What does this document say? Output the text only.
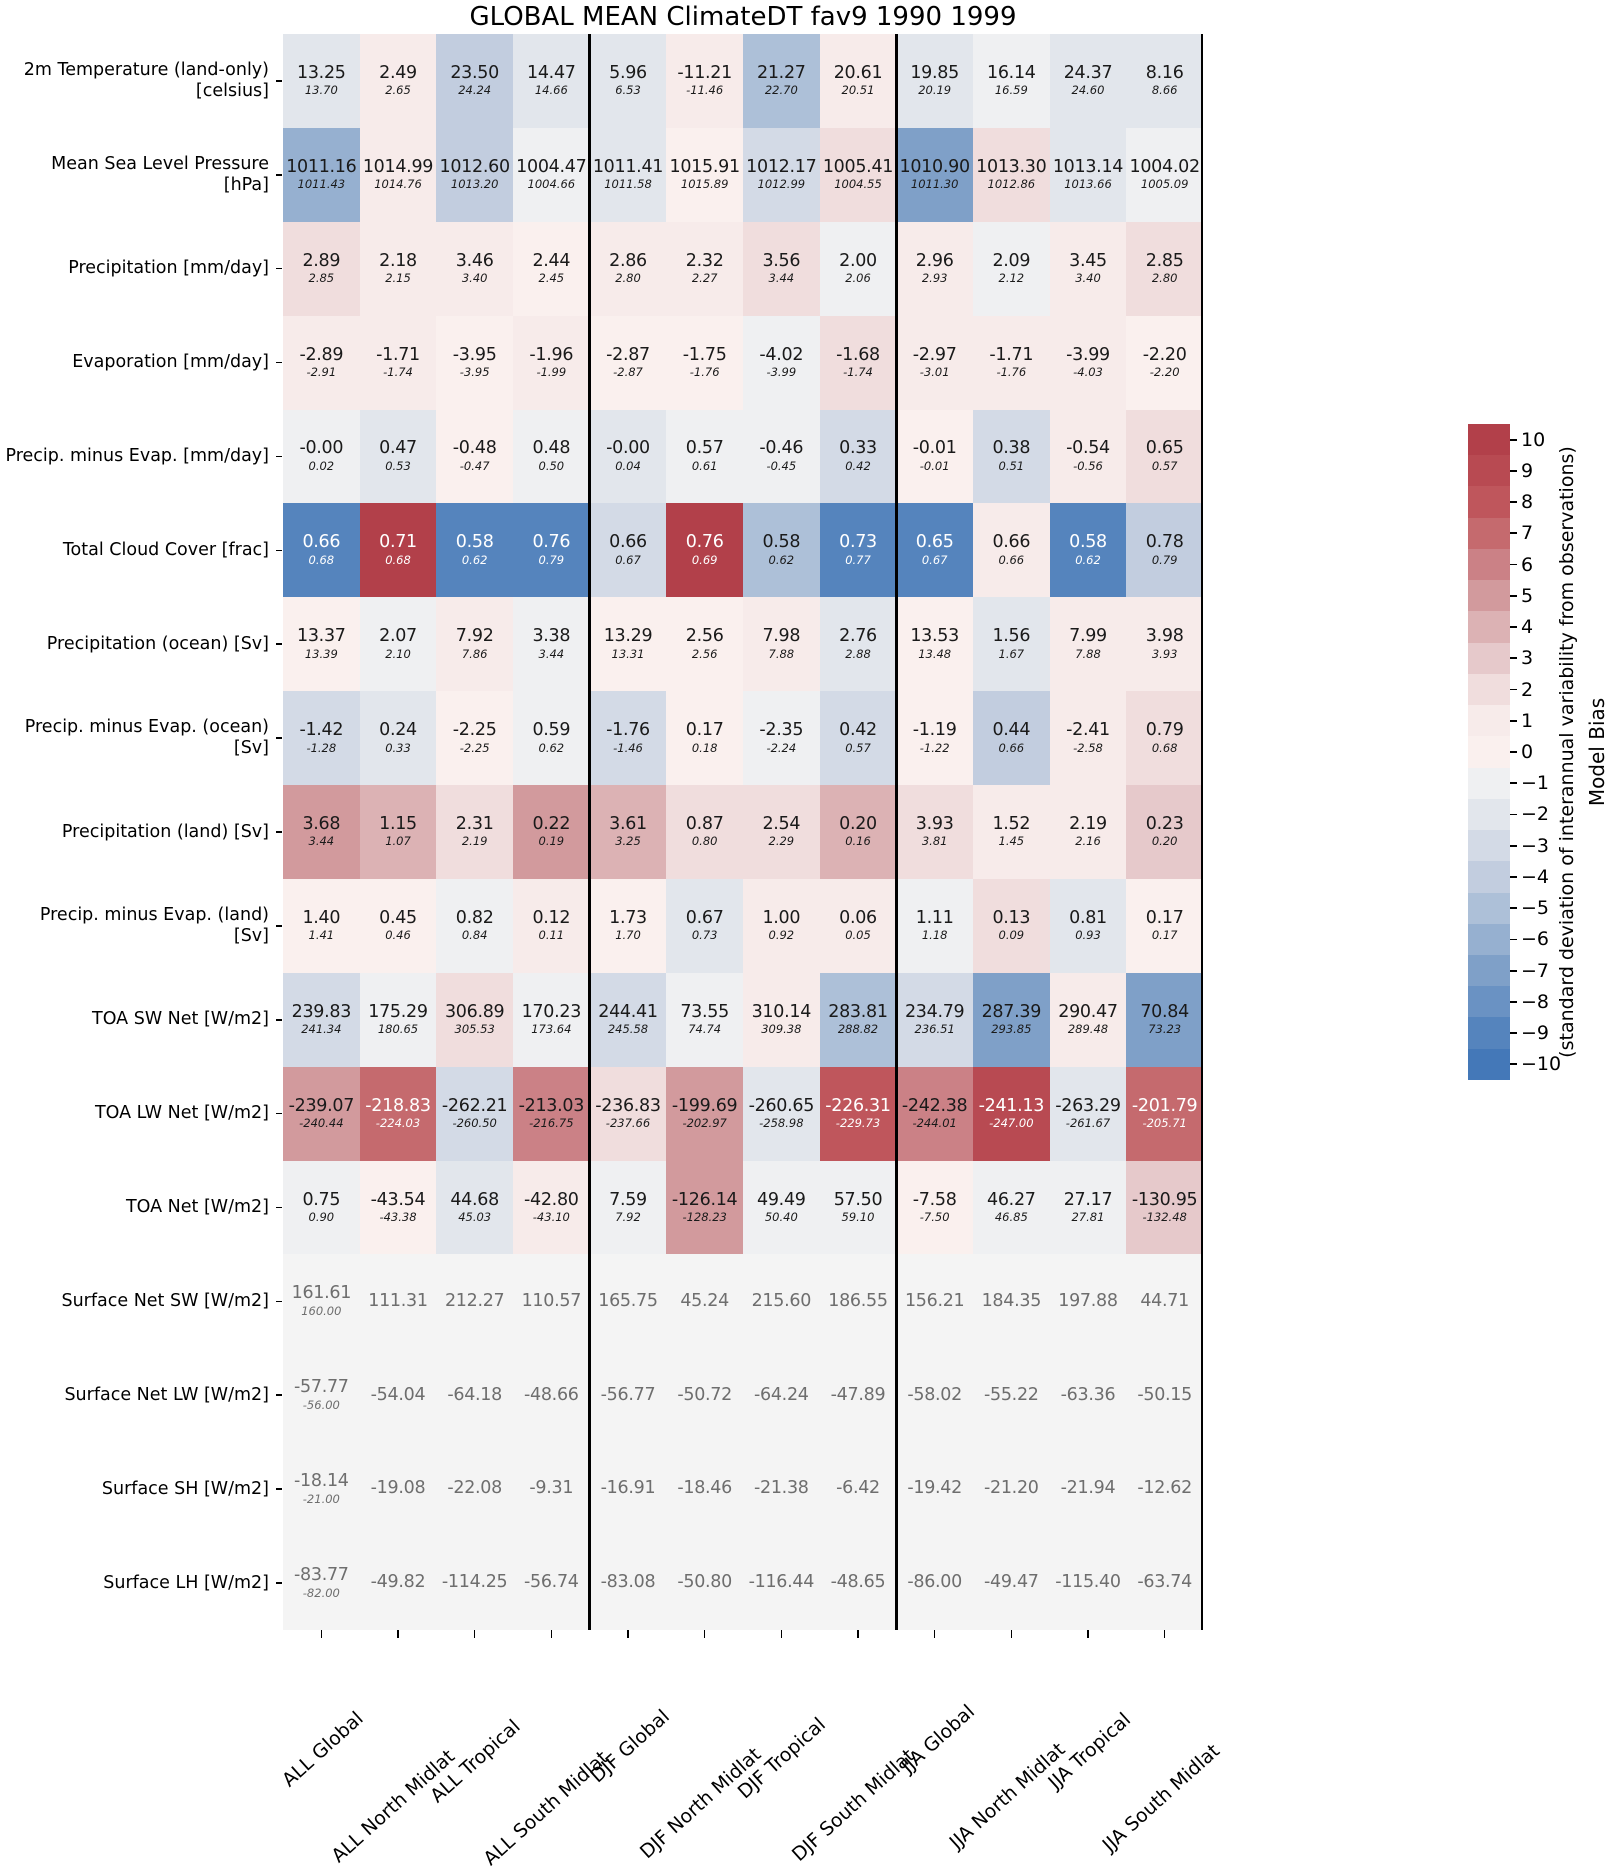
GLOBAL MEAN ClimateDT fav9 1990 1999
2m Temperature (land-only)
[celsius]
Mean Sea Level Pressure
[hPa]
Precipitation [mm/day]
Evaporation [mm/day]
Precip. minus Evap. [mm/day]
Total Cloud Cover [frac]
Precipitation (ocean) [Sv]
Precip. minus Evap. (ocean)
[Sv]
Precipitation (land) [Sv]
Precip. minus Evap. (land)
[Sv]
TOA SW Net [W/m2]
TOA LW Net [W/m2]
TOA Net [W/m2]
Surface Net SW [W/m2]
Surface Net LW [W/m2]
Surface SH [W/m2]
Surface LH [W/m2]
13.25
13.70
2.49
2.65
23.50
24.24
14.47
14.66
5.96
6.53
-11.21
-11.46
21.27
22.70
20.61
20.51
19.85
20.19
16.14
16.59
24.37
24.60
8.16
8.66
1011.16
1011.43
1014.99
1014.76
1012.60
1013.20
1004.47
1004.66
1011.41
1011.58
1015.91
1015.89
1012.17
1012.99
1005.41
1004.55
1010.90
1011.30
1013.30
1012.86
1013.14
1013.66
1004.02
1005.09
2.89
2.85
2.18
2.15
3.46
3.40
2.44
2.45
2.86
2.80
2.32
2.27
3.56
3.44
2.00
2.06
2.96
2.93
2.09
2.12
3.45
3.40
2.85
2.80
-2.89
-2.91
-1.71
-1.74
-3.95
-3.95
-1.96
-1.99
-2.87
-2.87
-1.75
-1.76
-4.02
-3.99
-1.68
-1.74
-2.97
-3.01
-1.71
-1.76
-3.99
-4.03
-2.20
-2.20
-0.00
0.02
0.47
0.53
-0.48
-0.47
0.48
0.50
-0.00
0.04
0.57
0.61
-0.46
-0.45
0.33
0.42
-0.01
-0.01
0.38
0.51
-0.54
-0.56
0.65
0.57
0.66
0.68
0.71
0.68
0.58
0.62
0.76
0.79
0.66
0.67
0.76
0.69
0.58
0.62
0.73
0.77
0.65
0.67
0.66
0.66
0.58
0.62
0.78
0.79
13.37
13.39
2.07
2.10
7.92
7.86
3.38
3.44
13.29
13.31
2.56
2.56
7.98
7.88
2.76
2.88
13.53
13.48
1.56
1.67
7.99
7.88
3.98
3.93
-1.42
-1.28
0.24
0.33
-2.25
-2.25
0.59
0.62
-1.76
-1.46
0.17
0.18
-2.35
-2.24
0.42
0.57
-1.19
-1.22
0.44
0.66
-2.41
-2.58
0.79
0.68
3.68
3.44
1.15
1.07
2.31
2.19
0.22
0.19
3.61
3.25
0.87
0.80
2.54
2.29
0.20
0.16
3.93
3.81
1.52
1.45
2.19
2.16
0.23
0.20
1.40
1.41
0.45
0.46
0.82
0.84
0.12
0.11
1.73
1.70
0.67
0.73
1.00
0.92
0.06
0.05
1.11
1.18
0.13
0.09
0.81
0.93
0.17
0.17
239.83
241.34
175.29
180.65
306.89
305.53
170.23
173.64
244.41
245.58
73.55
74.74
310.14
309.38
283.81
288.82
234.79
236.51
287.39
293.85
290.47
289.48
70.84
73.23
-239.07
-240.44
-218.83
-224.03
-262.21
-260.50
-213.03
-216.75
-236.83
-237.66
-199.69
-202.97
-260.65
-258.98
-226.31
-229.73
-242.38
-244.01
-241.13
-247.00
-263.29
-261.67
-201.79
-205.71
0.75
0.90
-43.54
-43.38
44.68
45.03
-42.80
-43.10
7.59
7.92
-126.14
-128.23
49.49
50.40
57.50
59.10
-7.58
-7.50
46.27
46.85
27.17
27.81
-130.95
-132.48
161.61
160.00
111.31 212.27 110.57 165.75 45.24 215.60 186.55 156.21 184.35 197.88 44.71
-57.77
-56.00
-54.04 -64.18 -48.66 -56.77 -50.72 -64.24 -47.89 -58.02 -55.22 -63.36 -50.15
-18.14
-21.00
-19.08 -22.08 -9.31 -16.91 -18.46 -21.38 -6.42 -19.42 -21.20 -21.94 -12.62
-83.77
-82.00
-49.82 -114.25 -56.74 -83.08 -50.80 -116.44 -48.65 -86.00 -49.47 -115.40 -63.74
ALL Global
ALL North Midlat
ALL Tropical
ALL South Midlat
DJF Global
DJF North Midlat
DJF Tropical
DJF South Midlat
JJA Global
JJA North Midlat
JJA Tropical
JJA South Midlat
10
9
8
7
6
5
4
3
2
1
0
−1
−2
−3
−4
−5
−6
−7
−8
−9
−10
Model Bias
(standard deviation of interannual variability from observations)
